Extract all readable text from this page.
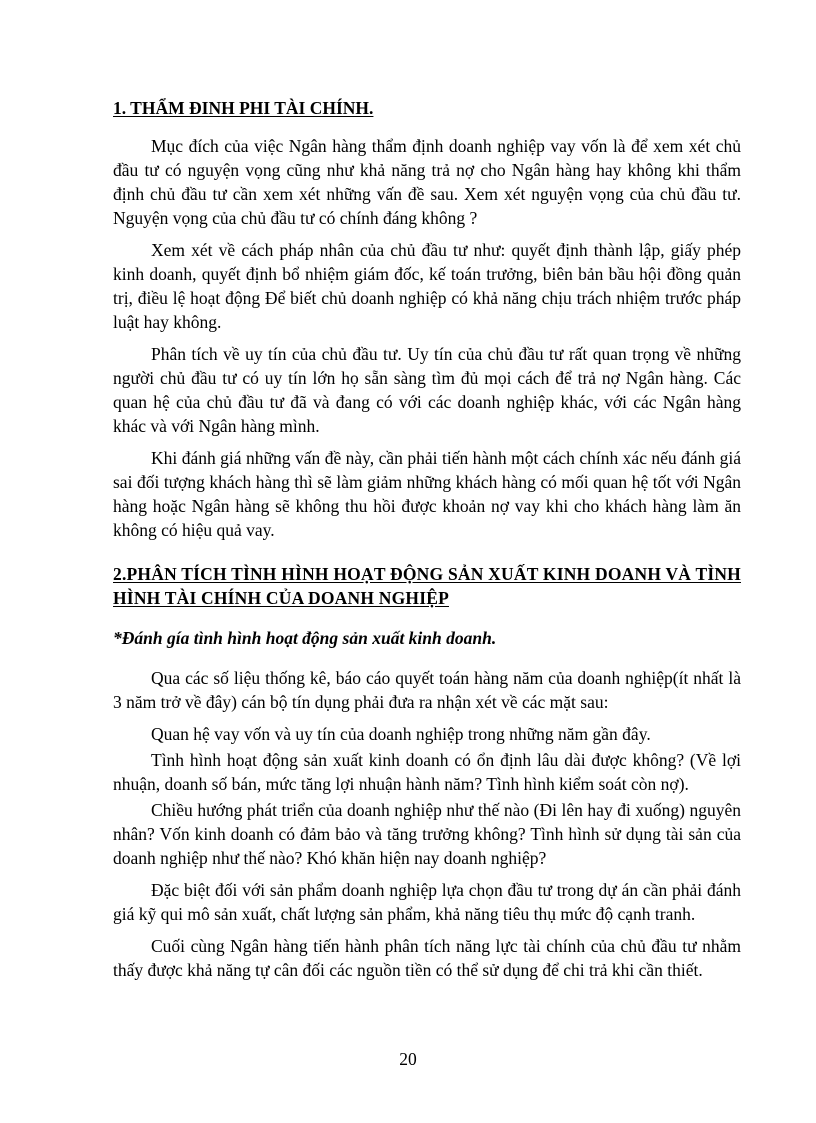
1. THẨM ĐINH PHI TÀI CHÍNH.

Mục đích của việc Ngân hàng thẩm định doanh nghiệp vay vốn là để xem xét chủ đầu tư có nguyện vọng cũng như khả năng trả nợ cho Ngân hàng hay không khi thẩm định chủ đầu tư cần xem xét những vấn đề sau. Xem xét nguyện vọng của chủ đầu tư. Nguyện vọng của chủ đầu tư có chính đáng không ?

Xem xét về cách pháp nhân của chủ đầu tư như: quyết định thành lập, giấy phép kinh doanh, quyết định bổ nhiệm giám đốc, kế toán trưởng, biên bản bầu hội đồng quản trị, điều lệ hoạt động Để biết chủ doanh nghiệp có khả năng chịu trách nhiệm trước pháp luật hay không.

Phân tích về uy tín của chủ đầu tư. Uy tín của chủ đầu tư rất quan trọng về những người chủ đầu tư có uy tín lớn họ sẵn sàng tìm đủ mọi cách để trả nợ Ngân hàng. Các quan hệ của chủ đầu tư đã và đang có với các doanh nghiệp khác, với các Ngân hàng khác và với Ngân hàng mình.

Khi đánh giá những vấn đề này, cần phải tiến hành một cách chính xác nếu đánh giá sai đối tượng khách hàng thì sẽ làm giảm những khách hàng có mối quan hệ tốt với Ngân hàng hoặc Ngân hàng sẽ không thu hồi được khoản nợ vay khi cho khách hàng làm ăn không có hiệu quả vay.

2.PHÂN TÍCH TÌNH HÌNH HOẠT ĐỘNG SẢN XUẤT KINH DOANH VÀ TÌNH HÌNH TÀI CHÍNH CỦA DOANH NGHIỆP

*Đánh gía tình hình hoạt động sản xuất kinh doanh.

Qua các số liệu thống kê, báo cáo quyết toán hàng năm của doanh nghiệp(ít nhất là 3 năm trở về đây) cán bộ tín dụng phải đưa ra nhận xét về các mặt sau:

Quan hệ vay vốn và uy tín của doanh nghiệp trong những năm gần đây.

Tình hình hoạt động sản xuất kinh doanh có ổn định lâu dài được không? (Về lợi nhuận, doanh số bán, mức tăng lợi nhuận hành năm? Tình hình kiểm soát còn nợ).

Chiều hướng phát triển của doanh nghiệp như thế nào (Đi lên hay đi xuống) nguyên nhân? Vốn kinh doanh có đảm bảo và tăng trưởng không? Tình hình sử dụng tài sản của doanh nghiệp như thế nào? Khó khăn hiện nay doanh nghiệp?

Đặc biệt đối với sản phẩm doanh nghiệp lựa chọn đầu tư trong dự án cần phải đánh giá kỹ qui mô sản xuất, chất lượng sản phẩm, khả năng tiêu thụ mức độ cạnh tranh.

Cuối cùng Ngân hàng tiến hành phân tích năng lực tài chính của chủ đầu tư nhằm thấy được khả năng tự cân đối các nguồn tiền có thể sử dụng để chi trả khi cần thiết.

20
